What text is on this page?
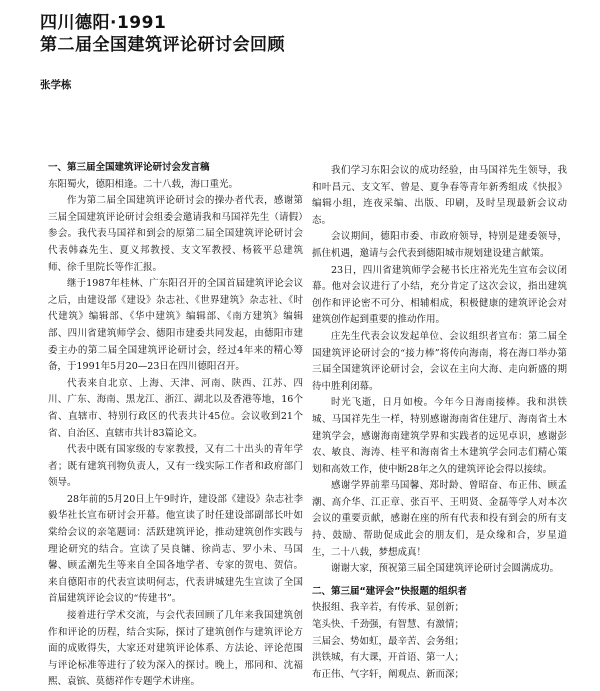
四川德阳·1991
第二届全国建筑评论研讨会回顾
张学栋

一、第三届全国建筑评论研讨会发言稿

东阳蜀火，德阳相逢。二十八载，海口重光。

作为第二届全国建筑评论研讨会的操办者代表，感谢第三届全国建筑评论研讨会组委会邀请我和马国祥先生（请假）参会。我代表马国祥和到会的原第二届全国建筑评论研讨会代表韩森先生、夏义邦教授、支文军教授、杨筱平总建筑师、徐千里院长等作汇报。

继于1987年桂林、广东阳召开的全国首届建筑评论会议之后，由建设部《建设》杂志社、《世界建筑》杂志社、《时代建筑》编辑部、《华中建筑》编辑部、《南方建筑》编辑部、四川省建筑师学会、德阳市建委共同发起，由德阳市建委主办的第二届全国建筑评论研讨会，经过4年来的精心筹备，于1991年5月20—23日在四川德阳召开。

代表来自北京、上海、天津、河南、陕西、江苏、四川、广东、海南、黑龙江、浙江、湖北以及香港等地，16个省、直辖市、特别行政区的代表共计45位。会议收到21个省、自治区、直辖市共计83篇论文。

代表中既有国家级的专家教授，又有二十出头的青年学者；既有建筑刊物负责人，又有一线实际工作者和政府部门领导。

28年前的5月20日上午9时许，建设部《建设》杂志社李毅华社长宣布研讨会开幕。他宣读了时任建设部副部长叶如棠给会议的亲笔题词：活跃建筑评论，推动建筑创作实践与理论研究的结合。宣读了吴良镛、徐尚志、罗小未、马国馨、顾孟潮先生等来自全国各地学者、专家的贺电、贺信。来自德阳市的代表宣读明何志，代表讲城建先生宣读了全国首届建筑评论会议的“传建书”。

接着进行学术交流，与会代表回顾了几年来我国建筑创作和评论的历程，结合实际，探讨了建筑创作与建筑评论方面的成败得失，大家还对建筑评论体系、方法论、评论范围与评论标准等进行了较为深入的探讨。晚上，邢同和、沈福熙、袁镔、莫德祥作专题学术讲座。

我们学习东阳会议的成功经验，由马国祥先生领导，我和叶昌元、支文军、曾是、夏争春等青年新秀组成《快报》编辑小组，连夜采编、出版、印刷，及时呈现最新会议动态。

会议期间，德阳市委、市政府领导，特别是建委领导，抓住机遇，邀请与会代表到德阳城市规划建设建言献策。

23日，四川省建筑师学会秘书长庄裕光先生宣布会议闭幕。他对会议进行了小结，充分肯定了这次会议，指出建筑创作和评论密不可分、相辅相成，积极健康的建筑评论会对建筑创作起到重要的推动作用。

庄先生代表会议发起单位、会议组织者宣布：第二届全国建筑评论研讨会的“接力棒”将传向海南，将在海口举办第三届全国建筑评论研讨会，会议在主向大海、走向新盛的期待中胜利闭幕。

时光飞逝，日月如梭。今年今日海南接棒。我和洪铁城、马国祥先生一样，特别感谢海南省住建厅、海南省土木建筑学会，感谢海南建筑学界和实践者的远见卓识，感谢彭农、敏良、海涛、桂平和海南省土木建筑学会同志们精心策划和高效工作，使中断28年之久的建筑评论会得以接续。

感谢学界前辈马国馨、郑时龄、曾昭奋、布正伟、顾孟潮、高介华、江正章、张百平、王明贤、金磊等学人对本次会议的重要贡献，感谢在座的所有代表和投有到会的所有支持、鼓励、帮助促成此会的朋友们，是众缘和合，岁星道生，二十八载，梦想成真！

谢谢大家，预祝第三届全国建筑评论研讨会圆满成功。

二、第三届“建评会”快报题的组织者

快报组、我辛若，有传承、显创新；

笔头快、千劲强，有智慧、有激情；

三届会、势如虹，最辛苦、会务组；

洪铁城，有大课，开首语、第一人；

布正伟、气字轩，阐观点、新而深；
